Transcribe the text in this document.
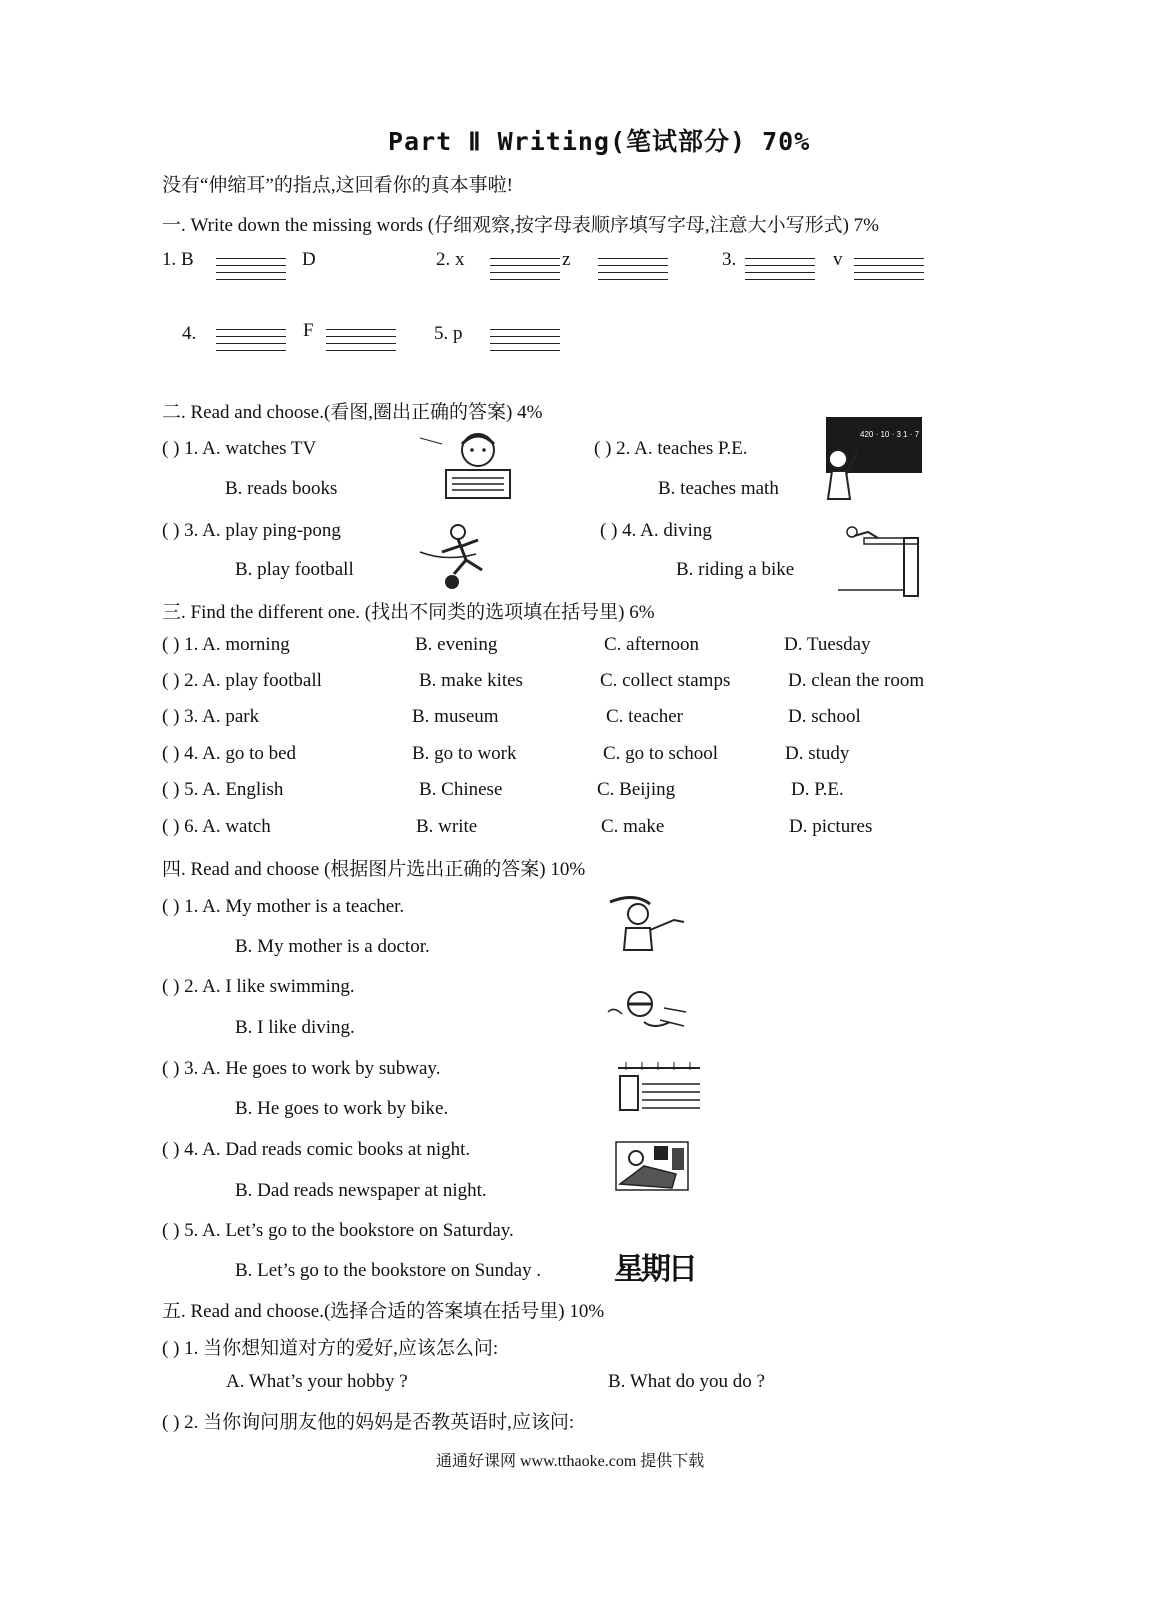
Part Ⅱ Writing(笔试部分) 70%
没有“伸缩耳”的指点,这回看你的真本事啦!
一. Write down the missing words (仔细观察,按字母表顺序填写字母,注意大小写形式) 7%
1. B	D	2. x	z	3.	v
4.	F	5. p
二. Read and choose.(看图,圈出正确的答案) 4%
( ) 1. A. watches TV
B. reads books
( ) 2. A. teaches P.E.
B. teaches math
420 · 10 · 3 1 · 7
( ) 3. A. play ping-pong
B. play football
( ) 4. A. diving
B. riding a bike
三. Find the different one. (找出不同类的选项填在括号里) 6%
( ) 1. A. morning	B. evening	C. afternoon	D. Tuesday
( ) 2. A. play football	B. make kites	C. collect stamps	D. clean the room
( ) 3. A. park	B. museum	C. teacher	D. school
( ) 4. A. go to bed	B. go to work	C. go to school	D. study
( ) 5. A. English	B. Chinese	C. Beijing	D. P.E.
( ) 6. A. watch	B. write	C. make	D. pictures
四. Read and choose (根据图片选出正确的答案) 10%
( ) 1. A. My mother is a teacher.
B. My mother is a doctor.
( ) 2. A. I like swimming.
B. I like diving.
( ) 3. A. He goes to work by subway.
B. He goes to work by bike.
( ) 4. A. Dad reads comic books at night.
B. Dad reads newspaper at night.
( ) 5. A. Let’s go to the bookstore on Saturday.
B. Let’s go to the bookstore on Sunday . 星期日
五. Read and choose.(选择合适的答案填在括号里) 10%
( ) 1. 当你想知道对方的爱好,应该怎么问:
A. What’s your hobby ?	B. What do you do ?
( ) 2. 当你询问朋友他的妈妈是否教英语时,应该问:
通通好课网 www.tthaoke.com 提供下载
